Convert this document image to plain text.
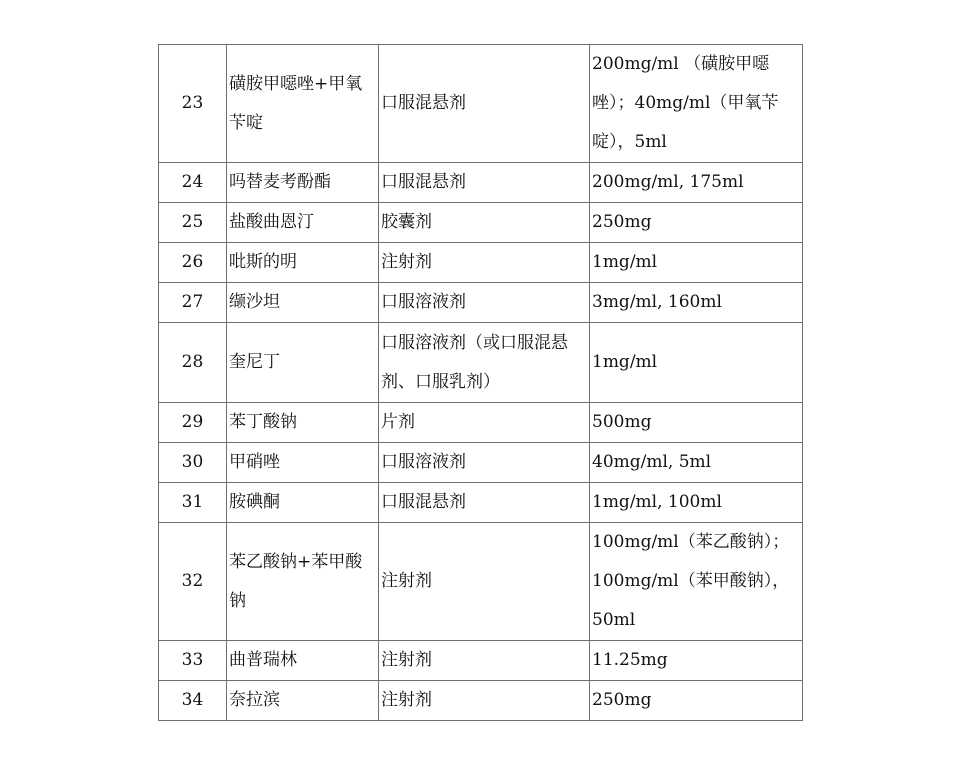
23	磺胺甲噁唑+甲氧苄啶	口服混悬剂	200mg/ml （磺胺甲噁唑）；40mg/ml（甲氧苄啶），5ml
24	吗替麦考酚酯	口服混悬剂	200mg/ml, 175ml
25	盐酸曲恩汀	胶囊剂	250mg
26	吡斯的明	注射剂	1mg/ml
27	缬沙坦	口服溶液剂	3mg/ml, 160ml
28	奎尼丁	口服溶液剂（或口服混悬剂、口服乳剂）	1mg/ml
29	苯丁酸钠	片剂	500mg
30	甲硝唑	口服溶液剂	40mg/ml, 5ml
31	胺碘酮	口服混悬剂	1mg/ml, 100ml
32	苯乙酸钠+苯甲酸钠	注射剂	100mg/ml（苯乙酸钠）；100mg/ml（苯甲酸钠），50ml
33	曲普瑞林	注射剂	11.25mg
34	奈拉滨	注射剂	250mg
